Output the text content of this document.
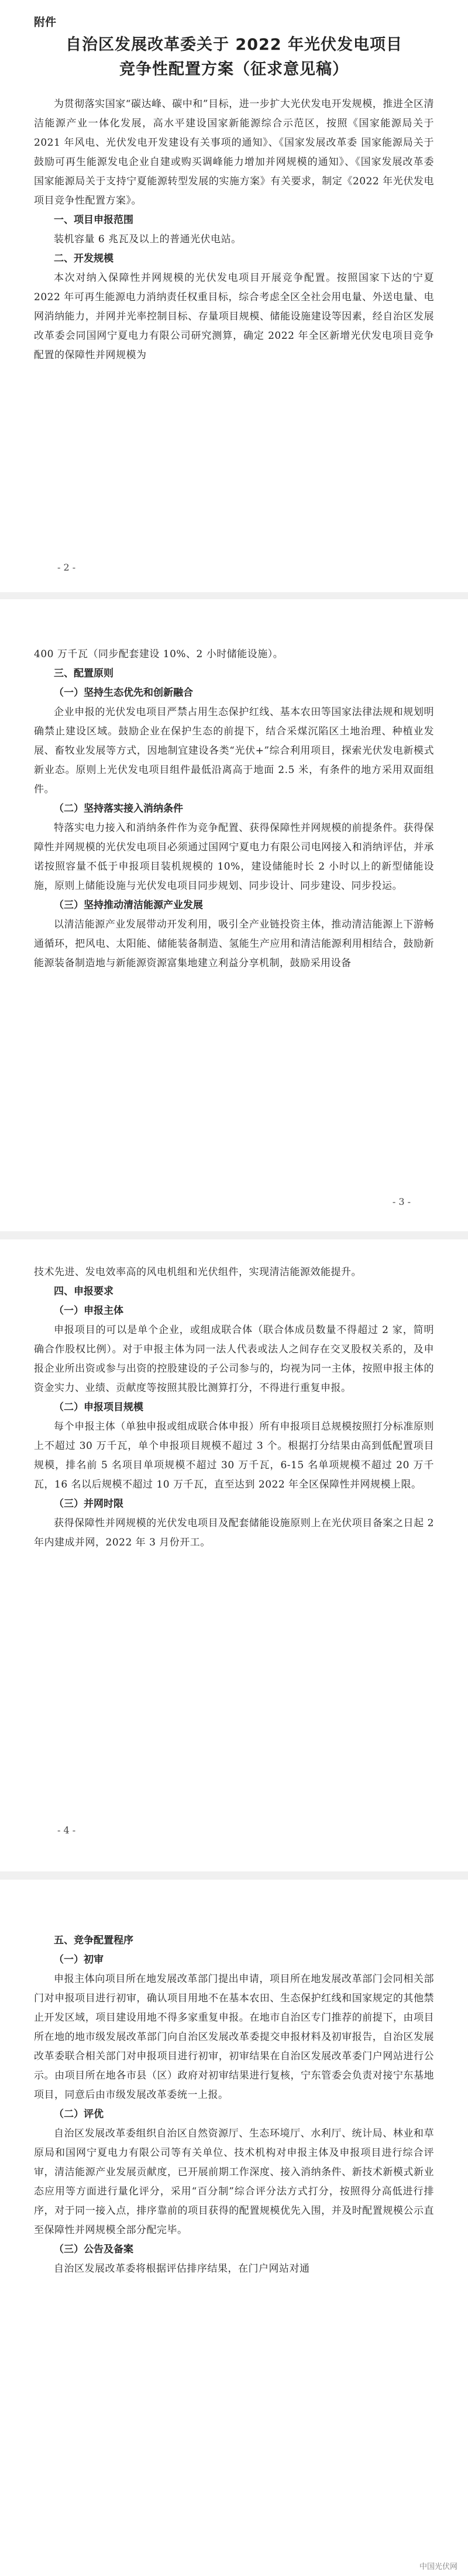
附件

自治区发展改革委关于 2022 年光伏发电项目
竞争性配置方案（征求意见稿）

为贯彻落实国家“碳达峰、碳中和”目标，进一步扩大光伏发电开发规模，推进全区清洁能源产业一体化发展，高水平建设国家新能源综合示范区，按照《国家能源局关于 2021 年风电、光伏发电开发建设有关事项的通知》、《国家发展改革委 国家能源局关于鼓励可再生能源发电企业自建或购买调峰能力增加并网规模的通知》、《国家发展改革委 国家能源局关于支持宁夏能源转型发展的实施方案》有关要求，制定《2022 年光伏发电项目竞争性配置方案》。

一、项目申报范围

装机容量 6 兆瓦及以上的普通光伏电站。

二、开发规模

本次对纳入保障性并网规模的光伏发电项目开展竞争配置。按照国家下达的宁夏 2022 年可再生能源电力消纳责任权重目标，综合考虑全区全社会用电量、外送电量、电网消纳能力，并网并光率控制目标、存量项目规模、储能设施建设等因素，经自治区发展改革委会同国网宁夏电力有限公司研究测算，确定 2022 年全区新增光伏发电项目竞争配置的保障性并网规模为

- 2 -

400 万千瓦（同步配套建设 10%、2 小时储能设施）。

三、配置原则

（一）坚持生态优先和创新融合

企业申报的光伏发电项目严禁占用生态保护红线、基本农田等国家法律法规和规划明确禁止建设区域。鼓励企业在保护生态的前提下，结合采煤沉陷区土地治理、种植业发展、畜牧业发展等方式，因地制宜建设各类“光伏+”综合利用项目，探索光伏发电新模式新业态。原则上光伏发电项目组件最低沿离高于地面 2.5 米，有条件的地方采用双面组件。

（二）坚持落实接入消纳条件

特落实电力接入和消纳条件作为竞争配置、获得保障性并网规模的前提条件。获得保障性并网规模的光伏发电项目必须通过国网宁夏电力有限公司电网接入和消纳评估，并承诺按照容量不低于申报项目装机规模的 10%，建设储能时长 2 小时以上的新型储能设施，原则上储能设施与光伏发电项目同步规划、同步设计、同步建设、同步投运。

（三）坚持推动清洁能源产业发展

以清洁能源产业发展带动开发利用，吸引全产业链投资主体，推动清洁能源上下游畅通循环，把风电、太阳能、储能装备制造、氢能生产应用和清洁能源利用相结合，鼓励新能源装备制造地与新能源资源富集地建立利益分享机制，鼓励采用设备

- 3 -

技术先进、发电效率高的风电机组和光伏组件，实现清洁能源效能提升。

四、申报要求

（一）申报主体

申报项目的可以是单个企业，或组成联合体（联合体成员数量不得超过 2 家，简明确合作股权比例）。对于申报主体为同一法人代表或法人之间存在交叉股权关系的，及申报企业所出资或参与出资的控股建设的子公司参与的，均视为同一主体，按照申报主体的资金实力、业绩、贡献度等按照其股比测算打分，不得进行重复申报。

（二）申报项目规模

每个申报主体（单独申报或组成联合体申报）所有申报项目总规模按照打分标准原则上不超过 30 万千瓦，单个申报项目规模不超过 3 个。根据打分结果由高到低配置项目规模，排名前 5 名项目单项规模不超过 30 万千瓦，6-15 名单项规模不超过 20 万千瓦，16 名以后规模不超过 10 万千瓦，直至达到 2022 年全区保障性并网规模上限。

（三）并网时限

获得保障性并网规模的光伏发电项目及配套储能设施原则上在光伏项目备案之日起 2 年内建成并网，2022 年 3 月份开工。

- 4 -

五、竞争配置程序

（一）初审

申报主体向项目所在地发展改革部门提出申请，项目所在地发展改革部门会同相关部门对申报项目进行初审，确认项目用地不在基本农田、生态保护红线和国家规定的其他禁止开发区域，项目建设用地不得多家重复申报。在地市自治区专门推荐的前提下，由项目所在地的地市级发展改革部门向自治区发展改革委提交申报材料及初审报告，自治区发展改革委联合相关部门对申报项目进行初审，初审结果在自治区发展改革委门户网站进行公示。由项目所在地各市县（区）政府对初审结果进行复核，宁东管委会负责对接宁东基地项目，同意后由市级发展改革委统一上报。

（二）评优

自治区发展改革委组织自治区自然资源厅、生态环境厅、水利厅、统计局、林业和草原局和国网宁夏电力有限公司等有关单位、技术机构对申报主体及申报项目进行综合评审，清洁能源产业发展贡献度，已开展前期工作深度、接入消纳条件、新技术新模式新业态应用等方面进行量化评分，采用“百分制”综合评分法方式打分，按照得分高低进行排序，对于同一接入点，排序靠前的项目获得的配置规模优先入围，并及时配置规模公示直至保障性并网规模全部分配完毕。

（三）公告及备案

自治区发展改革委将根据评估排序结果，在门户网站对通

中国光伏网
